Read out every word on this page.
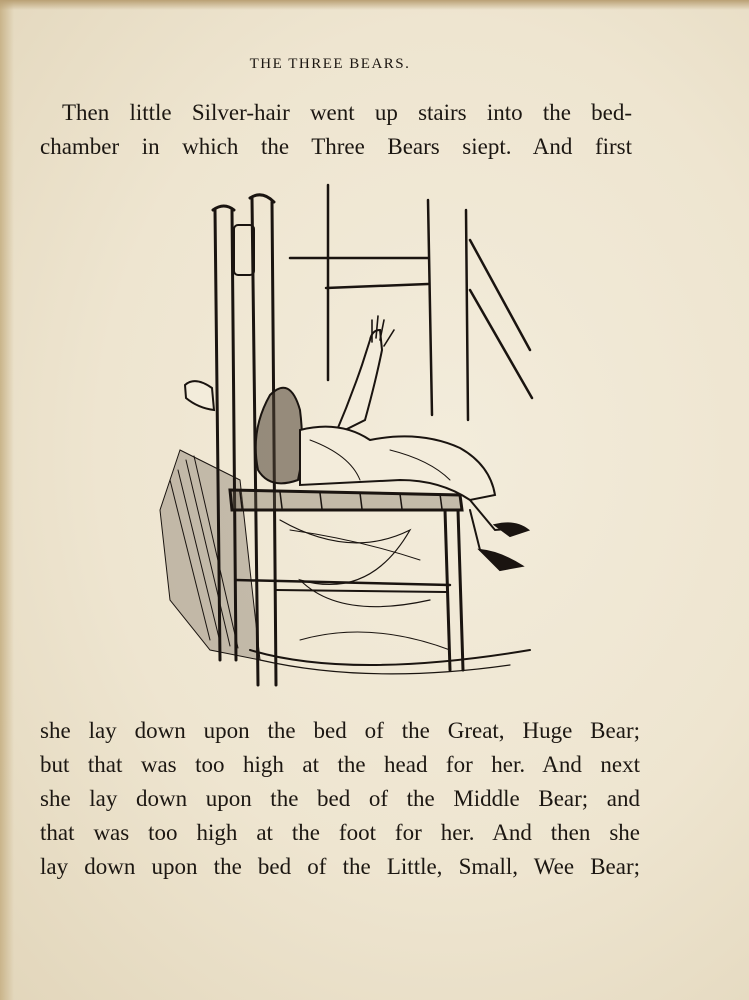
THE THREE BEARS.
Then little Silver-hair went up stairs into the bed-
chamber in which the Three Bears siept. And first
she lay down upon the bed of the Great, Huge Bear;
but that was too high at the head for her. And next
she lay down upon the bed of the Middle Bear; and
that was too high at the foot for her. And then she
lay down upon the bed of the Little, Small, Wee Bear;
